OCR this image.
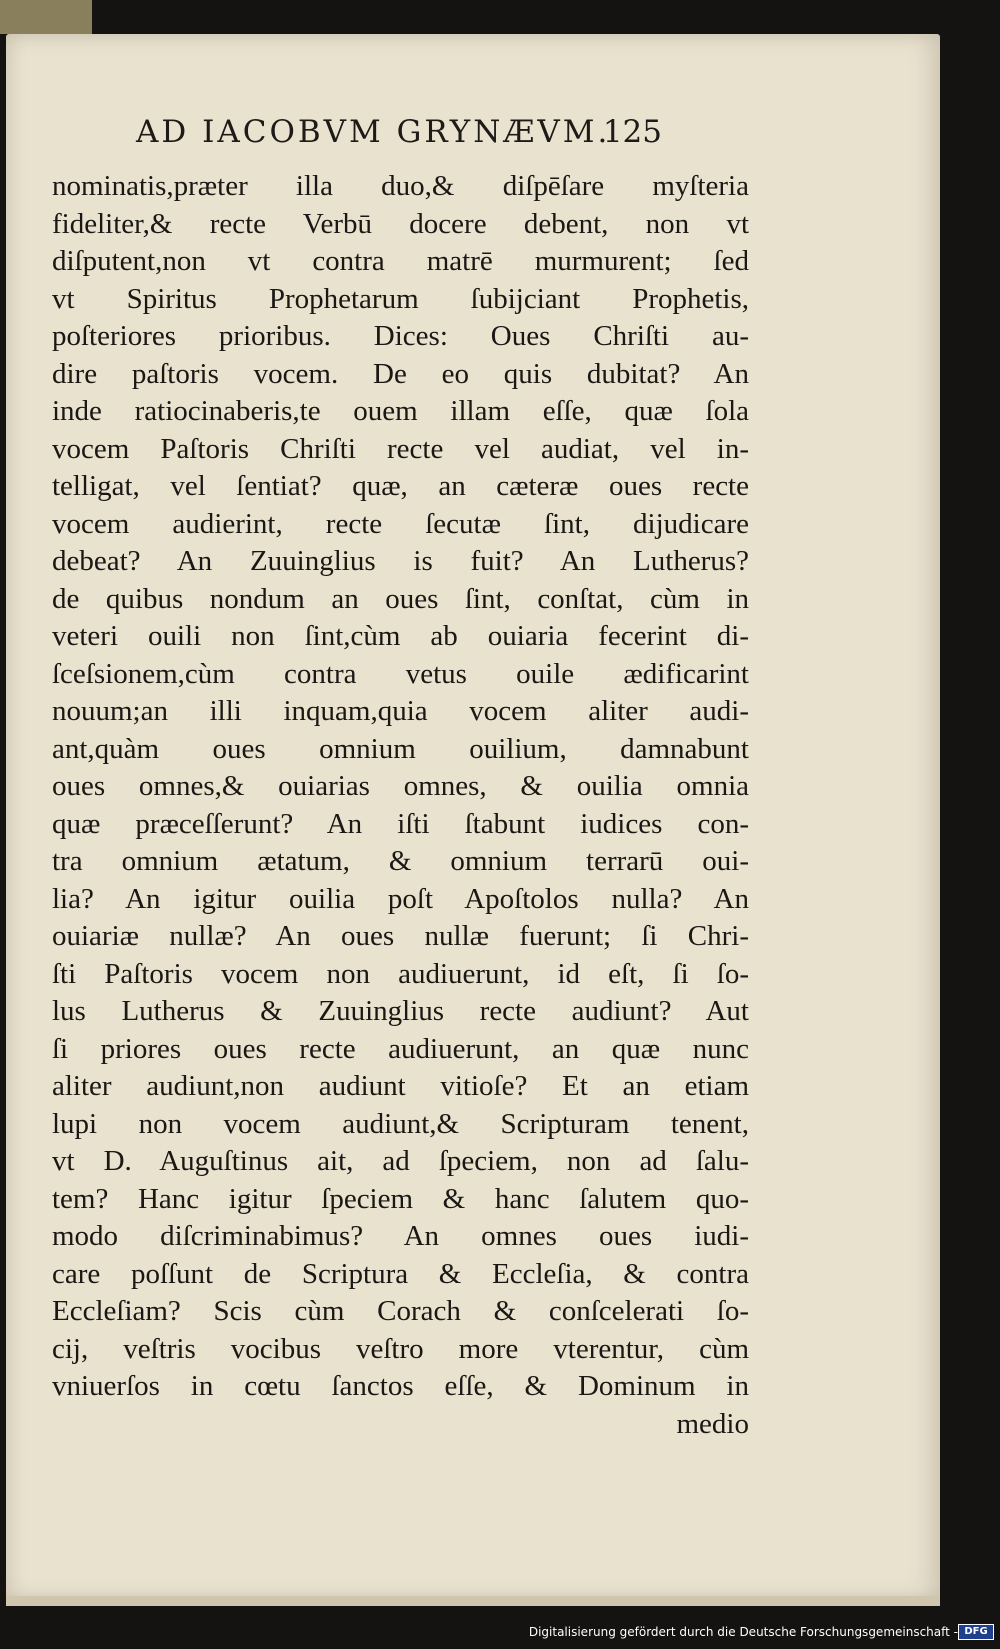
AD IACOBVM GRYNÆVM.
125
nominatis,præter illa duo,& diſpēſare myſteria
fideliter,& recte Verbū docere debent, non vt
diſputent,non vt contra matrē murmurent; ſed
vt Spiritus Prophetarum ſubijciant Prophetis,
poſteriores prioribus. Dices: Oues Chriſti au-
dire paſtoris vocem. De eo quis dubitat? An
inde ratiocinaberis,te ouem illam eſſe, quæ ſola
vocem Paſtoris Chriſti recte vel audiat, vel in-
telligat, vel ſentiat? quæ, an cæteræ oues recte
vocem audierint, recte ſecutæ ſint, dijudicare
debeat? An Zuuinglius is fuit? An Lutherus?
de quibus nondum an oues ſint, conſtat, cùm in
veteri ouili non ſint,cùm ab ouiaria fecerint di-
ſceſsionem,cùm contra vetus ouile ædificarint
nouum;an illi inquam,quia vocem aliter audi-
ant,quàm oues omnium ouilium, damnabunt
oues omnes,& ouiarias omnes, & ouilia omnia
quæ præceſſerunt? An iſti ſtabunt iudices con-
tra omnium ætatum, & omnium terrarū oui-
lia? An igitur ouilia poſt Apoſtolos nulla? An
ouiariæ nullæ? An oues nullæ fuerunt; ſi Chri-
ſti Paſtoris vocem non audiuerunt, id eſt, ſi ſo-
lus Lutherus & Zuuinglius recte audiunt? Aut
ſi priores oues recte audiuerunt, an quæ nunc
aliter audiunt,non audiunt vitioſe? Et an etiam
lupi non vocem audiunt,& Scripturam tenent,
vt D. Auguſtinus ait, ad ſpeciem, non ad ſalu-
tem? Hanc igitur ſpeciem & hanc ſalutem quo-
modo diſcriminabimus? An omnes oues iudi-
care poſſunt de Scriptura & Eccleſia, & contra
Eccleſiam? Scis cùm Corach & conſcelerati ſo-
cij, veſtris vocibus veſtro more vterentur, cùm
vniuerſos in cœtu ſanctos eſſe, & Dominum in
medio
Digitalisierung gefördert durch die Deutsche Forschungsgemeinschaft - DFG
